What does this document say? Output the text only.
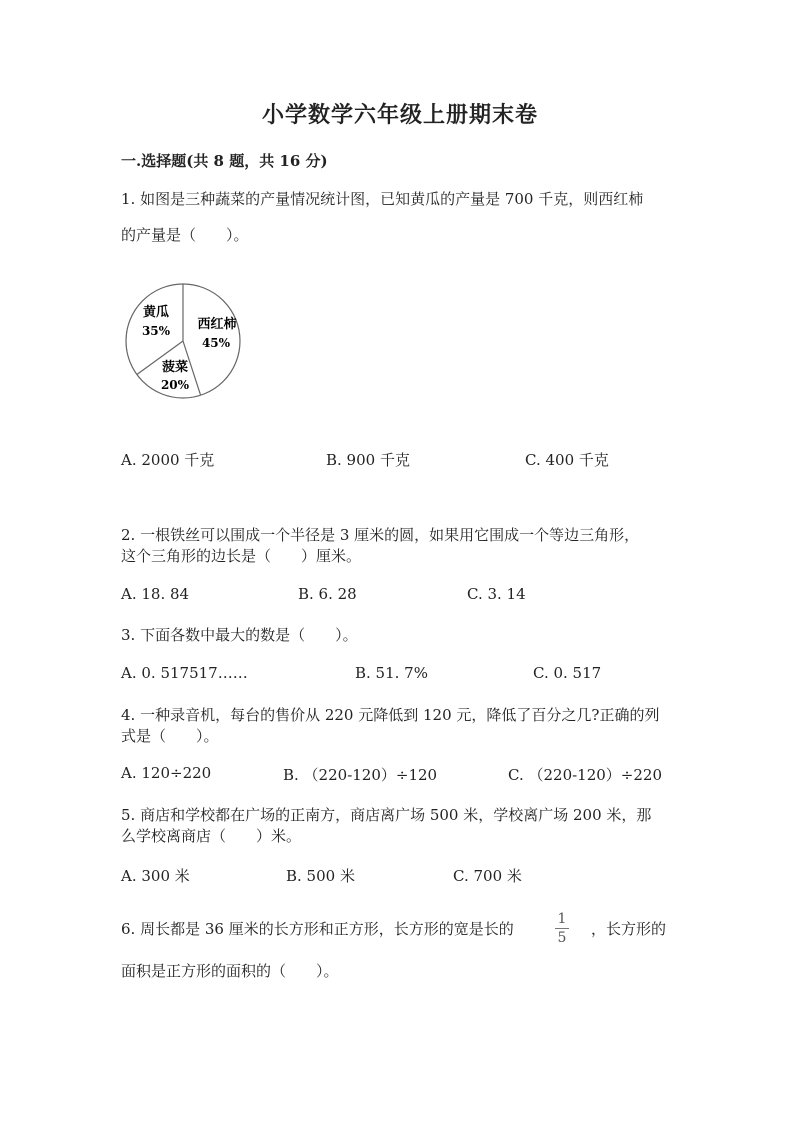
小学数学六年级上册期末卷
一.选择题(共 8 题，共 16 分)
1. 如图是三种蔬菜的产量情况统计图，已知黄瓜的产量是 700 千克，则西红柿
的产量是（　　）。
黄瓜
35% 西红柿
45%
菠菜
20%
A. 2000 千克	B. 900 千克	C. 400 千克
2. 一根铁丝可以围成一个半径是 3 厘米的圆，如果用它围成一个等边三角形，
这个三角形的边长是（　　）厘米。
A. 18. 84	B. 6. 28	C. 3. 14
3. 下面各数中最大的数是（　　）。
A. 0. 517517……	B. 51. 7%	C. 0. 517
4. 一种录音机，每台的售价从 220 元降低到 120 元，降低了百分之几?正确的列
式是（　　）。
A. 120÷220	B. （220-120）÷120	C. （220-120）÷220
5. 商店和学校都在广场的正南方，商店离广场 500 米，学校离广场 200 米，那
么学校离商店（　　）米。
A. 300 米	B. 500 米	C. 700 米
6. 周长都是 36 厘米的长方形和正方形，长方形的宽是长的
1
5	，长方形的
面积是正方形的面积的（　　）。
